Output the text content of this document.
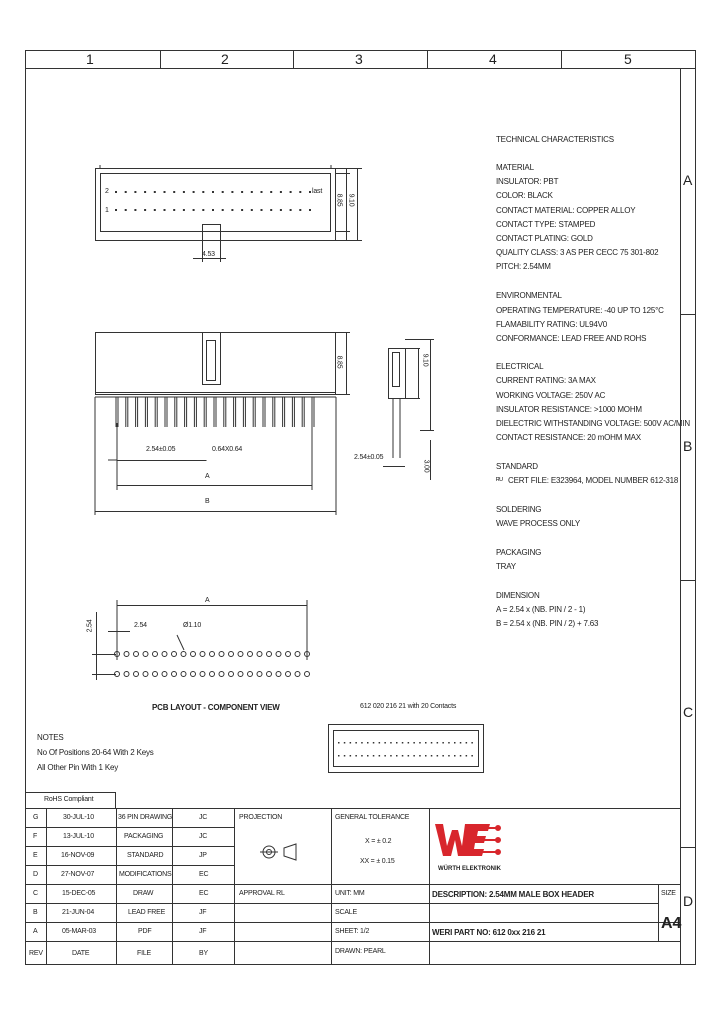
1	2	3	4	5
A
B
C
D
TECHNICAL CHARACTERISTICS
MATERIAL
INSULATOR: PBT
COLOR: BLACK
CONTACT MATERIAL: COPPER ALLOY
CONTACT TYPE: STAMPED
CONTACT PLATING: GOLD
QUALITY CLASS: 3 AS PER CECC 75 301-802
PITCH: 2.54MM
ENVIRONMENTAL
OPERATING TEMPERATURE: -40 UP TO 125°C
FLAMABILITY RATING: UL94V0
CONFORMANCE: LEAD FREE AND ROHS
ELECTRICAL
CURRENT RATING: 3A MAX
WORKING VOLTAGE: 250V AC
INSULATOR RESISTANCE: >1000 MOHM
DIELECTRIC WITHSTANDING VOLTAGE: 500V AC/MIN
CONTACT RESISTANCE: 20 mOHM MAX
STANDARD
ᴿᵁ CERT FILE: E323964, MODEL NUMBER 612-318
SOLDERING
WAVE PROCESS ONLY
PACKAGING
TRAY
DIMENSION
A = 2.54 x (NB. PIN / 2 - 1)
B = 2.54 x (NB. PIN / 2) + 7.63
4.53
last
2
1
8.85 9.10
2.54±0.05	0.64X0.64
A
B
8.85	9.10
2.54±0.05
3.00
A
2.54	2.54	Ø1.10
PCB LAYOUT - COMPONENT VIEW	612 020 216 21 with 20 Contacts
NOTES
No Of Positions 20-64 With 2 Keys
All Other Pin With 1 Key
RoHS Compliant
G	30-JUL-10	36 PIN DRAWING	JC
F	13-JUL-10	PACKAGING	JC
E	16-NOV-09	STANDARD	JP
D	27-NOV-07	MODIFICATIONS	EC
C	15-DEC-05	DRAW	EC
B	21-JUN-04	LEAD FREE	JF
A	05-MAR-03	PDF	JF
REV	DATE	FILE	BY
PROJECTION
APPROVAL RL
GENERAL TOLERANCE
X = ± 0.2
XX = ± 0.15
UNIT: MM
SCALE
SHEET: 1/2
DRAWN: PEARL
WÜRTH ELEKTRONIK
DESCRIPTION: 2.54MM MALE BOX HEADER
WERI PART NO: 612 0xx 216 21
SIZE
A4
